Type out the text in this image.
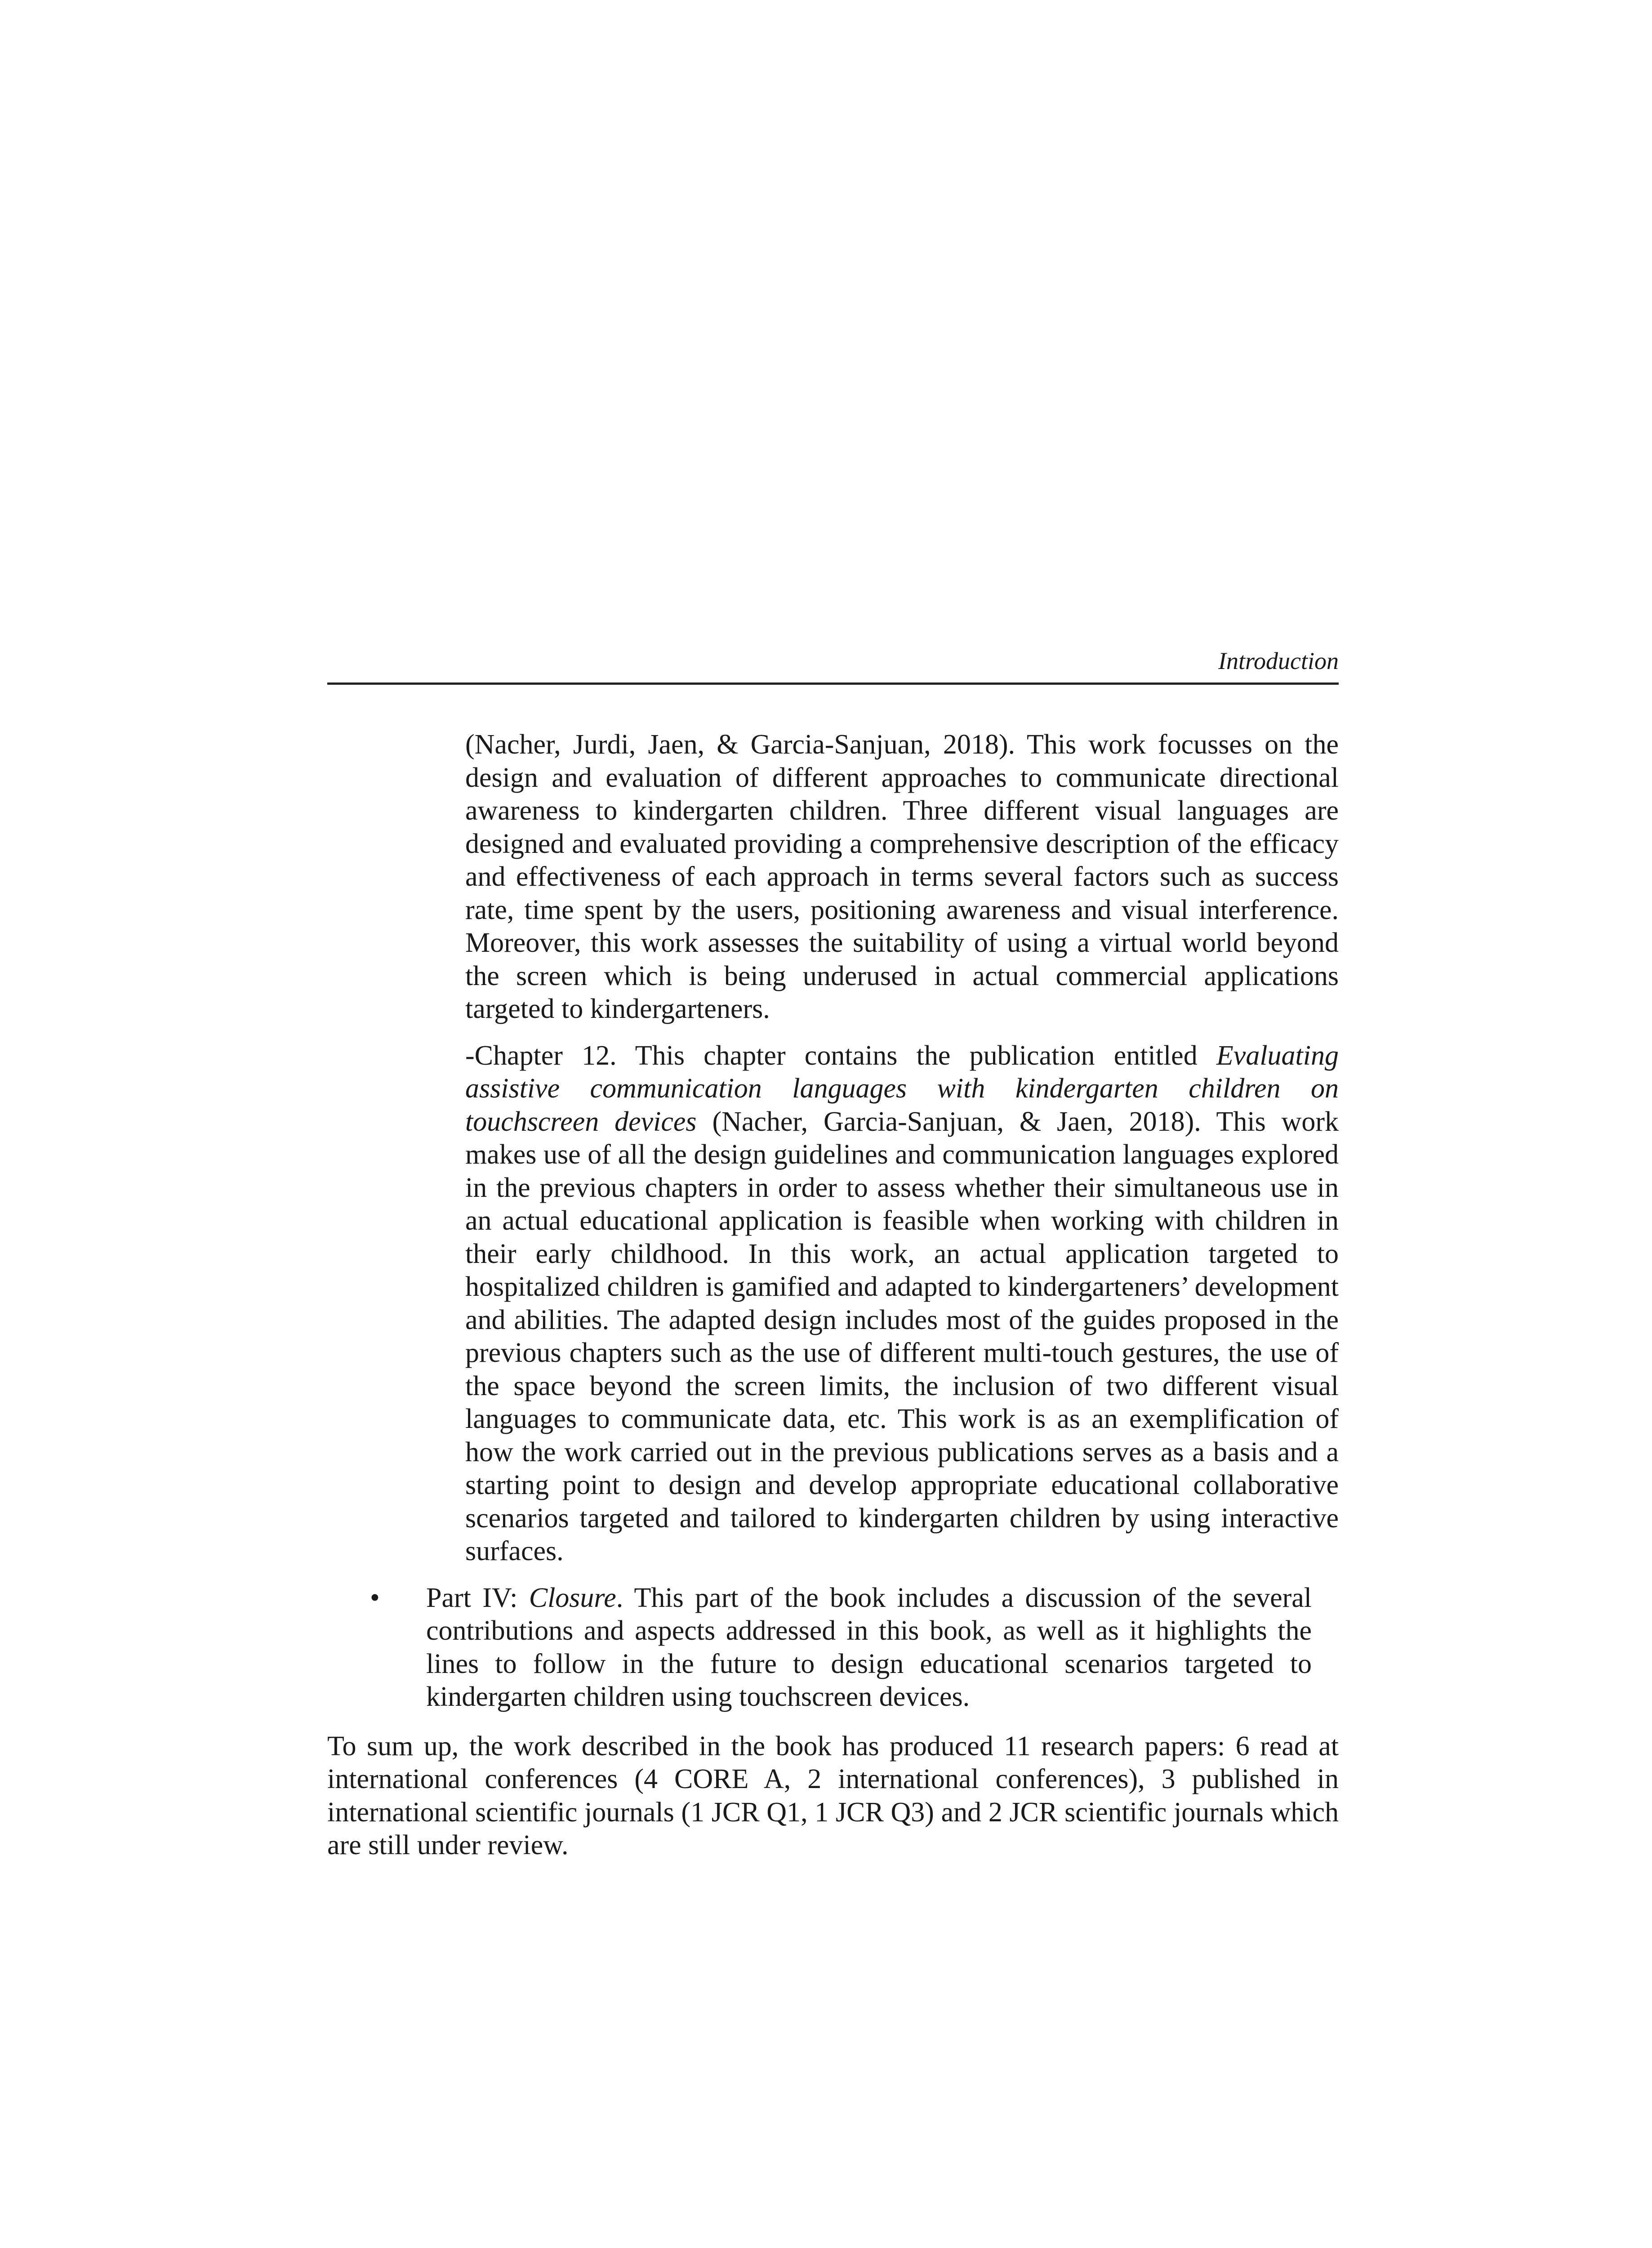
Introduction

(Nacher, Jurdi, Jaen, & Garcia-Sanjuan, 2018). This work focusses on the design and evaluation of different approaches to communicate directional awareness to kindergarten children. Three different visual languages are designed and evaluated providing a comprehensive description of the efficacy and effectiveness of each approach in terms several factors such as success rate, time spent by the users, positioning awareness and visual interference. Moreover, this work assesses the suitability of using a virtual world beyond the screen which is being underused in actual commercial applications targeted to kindergarteners.

-Chapter 12. This chapter contains the publication entitled Evaluating assistive communication languages with kindergarten children on touchscreen devices (Nacher, Garcia-Sanjuan, & Jaen, 2018). This work makes use of all the design guidelines and communication languages explored in the previous chapters in order to assess whether their simultaneous use in an actual educational application is feasible when working with children in their early childhood. In this work, an actual application targeted to hospitalized children is gamified and adapted to kindergarteners’ development and abilities. The adapted design includes most of the guides proposed in the previous chapters such as the use of different multi-touch gestures, the use of the space beyond the screen limits, the inclusion of two different visual languages to communicate data, etc. This work is as an exemplification of how the work carried out in the previous publications serves as a basis and a starting point to design and develop appropriate educational collaborative scenarios targeted and tailored to kindergarten children by using interactive surfaces.

• Part IV: Closure. This part of the book includes a discussion of the several contributions and aspects addressed in this book, as well as it highlights the lines to follow in the future to design educational scenarios targeted to kindergarten children using touchscreen devices.

To sum up, the work described in the book has produced 11 research papers: 6 read at international conferences (4 CORE A, 2 international conferences), 3 published in international scientific journals (1 JCR Q1, 1 JCR Q3) and 2 JCR scientific journals which are still under review.
